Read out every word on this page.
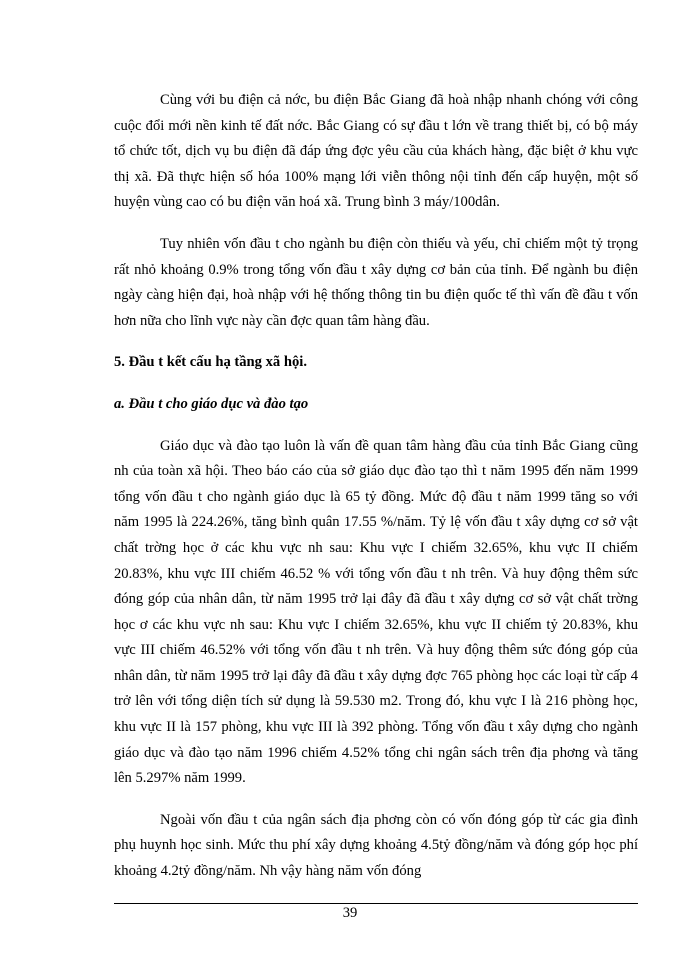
Cùng với bu điện cả nớc, bu điện Bắc Giang đã hoà nhập nhanh chóng với công cuộc đổi mới nền kinh tế đất nớc. Bắc Giang có sự đầu t lớn về trang thiết bị, có bộ máy tổ chức tốt, dịch vụ bu điện đã đáp ứng đợc yêu cầu của khách hàng, đặc biệt ở khu vực thị xã. Đã thực hiện số hóa 100% mạng lới viễn thông nội tỉnh đến cấp huyện, một số huyện vùng cao có bu điện văn hoá xã. Trung bình 3 máy/100dân.

Tuy nhiên vốn đầu t cho ngành bu điện còn thiếu và yếu, chỉ chiếm một tỷ trọng rất nhỏ khoảng 0.9% trong tổng vốn đầu t xây dựng cơ bản của tỉnh. Để ngành bu điện ngày càng hiện đại, hoà nhập với hệ thống thông tin bu điện quốc tế thì vấn đề đầu t vốn hơn nữa cho lĩnh vực này cần đợc quan tâm hàng đầu.

5. Đầu t kết cấu hạ tầng xã hội.

a. Đầu t cho giáo dục và đào tạo

Giáo dục và đào tạo luôn là vấn đề quan tâm hàng đầu của tỉnh Bắc Giang cũng nh của toàn xã hội. Theo báo cáo của sở giáo dục đào tạo thì t năm 1995 đến năm 1999 tổng vốn đầu t cho ngành giáo dục là 65 tỷ đồng. Mức độ đầu t năm 1999 tăng so với năm 1995 là 224.26%, tăng bình quân 17.55 %/năm. Tỷ lệ vốn đầu t xây dựng cơ sở vật chất trờng học ở các khu vực nh sau: Khu vực I chiếm 32.65%, khu vực II chiếm 20.83%, khu vực III chiếm 46.52 % với tổng vốn đầu t nh trên. Và huy động thêm sức đóng góp của nhân dân, từ năm 1995 trở lại đây đã đầu t xây dựng cơ sở vật chất trờng học ơ các khu vực nh sau: Khu vực I chiếm 32.65%, khu vực II chiếm tỷ 20.83%, khu vực III chiếm 46.52% với tổng vốn đầu t nh trên. Và huy động thêm sức đóng góp của nhân dân, từ năm 1995 trở lại đây đã đầu t xây dựng đợc 765 phòng học các loại từ cấp 4 trở lên với tổng diện tích sử dụng là 59.530 m2. Trong đó, khu vực I là 216 phòng học, khu vực II là 157 phòng, khu vực III là 392 phòng. Tổng vốn đầu t xây dựng cho ngành giáo dục và đào tạo năm 1996 chiếm 4.52% tổng chi ngân sách trên địa phơng và tăng lên 5.297% năm 1999.

Ngoài vốn đầu t của ngân sách địa phơng còn có vốn đóng góp từ các gia đình phụ huynh học sinh. Mức thu phí xây dựng khoảng 4.5tỷ đồng/năm và đóng góp học phí khoảng 4.2tỷ đồng/năm. Nh vậy hàng năm vốn đóng

39
